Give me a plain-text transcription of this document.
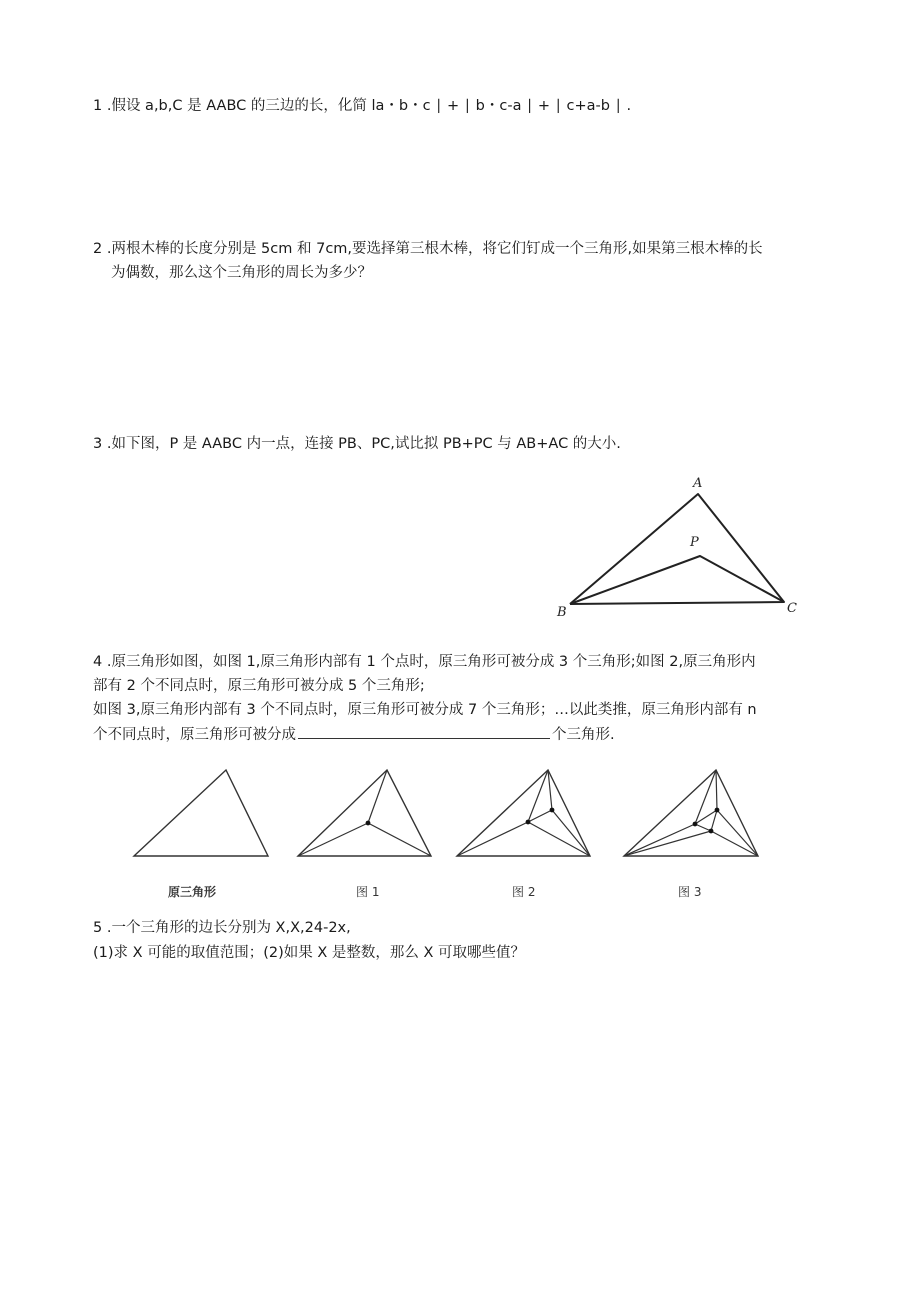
1 .假设 a,b,C 是 AABC 的三边的长，化简 la・b・c ∣ + ∣ b・c-a ∣ + ∣ c+a-b ∣ .
2 .两根木棒的长度分别是 5cm 和 7cm,要选择第三根木棒，将它们钉成一个三角形,如果第三根木棒的长
为偶数，那么这个三角形的周长为多少？
3 .如下图，P 是 AABC 内一点，连接 PB、PC,试比拟 PB+PC 与 AB+AC 的大小.
A
P
B	C
4 .原三角形如图，如图 1,原三角形内部有 1 个点时，原三角形可被分成 3 个三角形;如图 2,原三角形内
部有 2 个不同点时，原三角形可被分成 5 个三角形;
如图 3,原三角形内部有 3 个不同点时，原三角形可被分成 7 个三角形；…以此类推，原三角形内部有 n
个不同点时，原三角形可被分成	个三角形.
原三角形	图 1	图 2	图 3
5 .一个三角形的边长分别为 X,X,24-2x,
(1)求 X 可能的取值范围；(2)如果 X 是整数，那么 X 可取哪些值？
